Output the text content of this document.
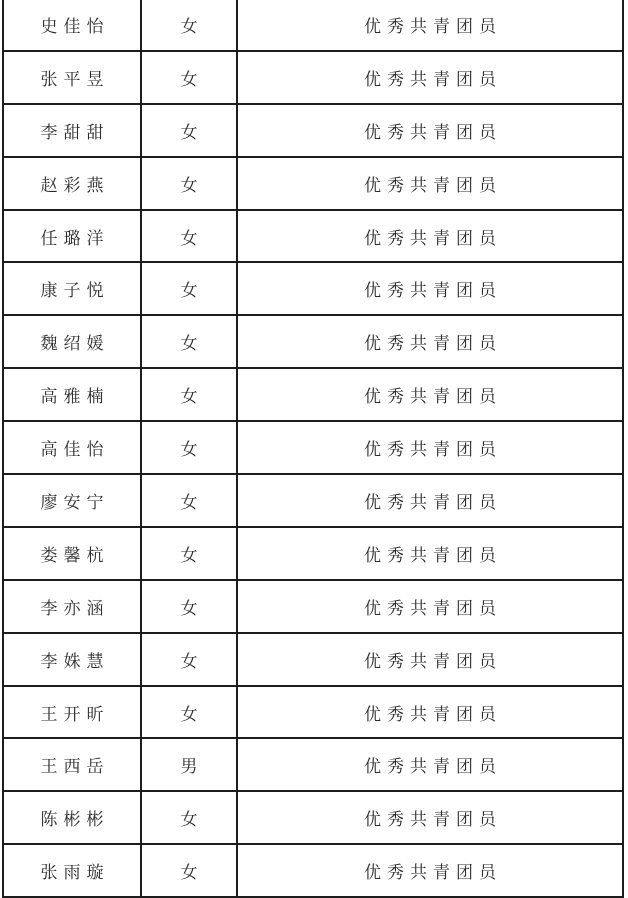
史佳怡	女	优秀共青团员
张平昱	女	优秀共青团员
李甜甜	女	优秀共青团员
赵彩燕	女	优秀共青团员
任璐洋	女	优秀共青团员
康子悦	女	优秀共青团员
魏绍媛	女	优秀共青团员
高雅楠	女	优秀共青团员
高佳怡	女	优秀共青团员
廖安宁	女	优秀共青团员
娄馨杭	女	优秀共青团员
李亦涵	女	优秀共青团员
李姝慧	女	优秀共青团员
王开昕	女	优秀共青团员
王西岳	男	优秀共青团员
陈彬彬	女	优秀共青团员
张雨璇	女	优秀共青团员
